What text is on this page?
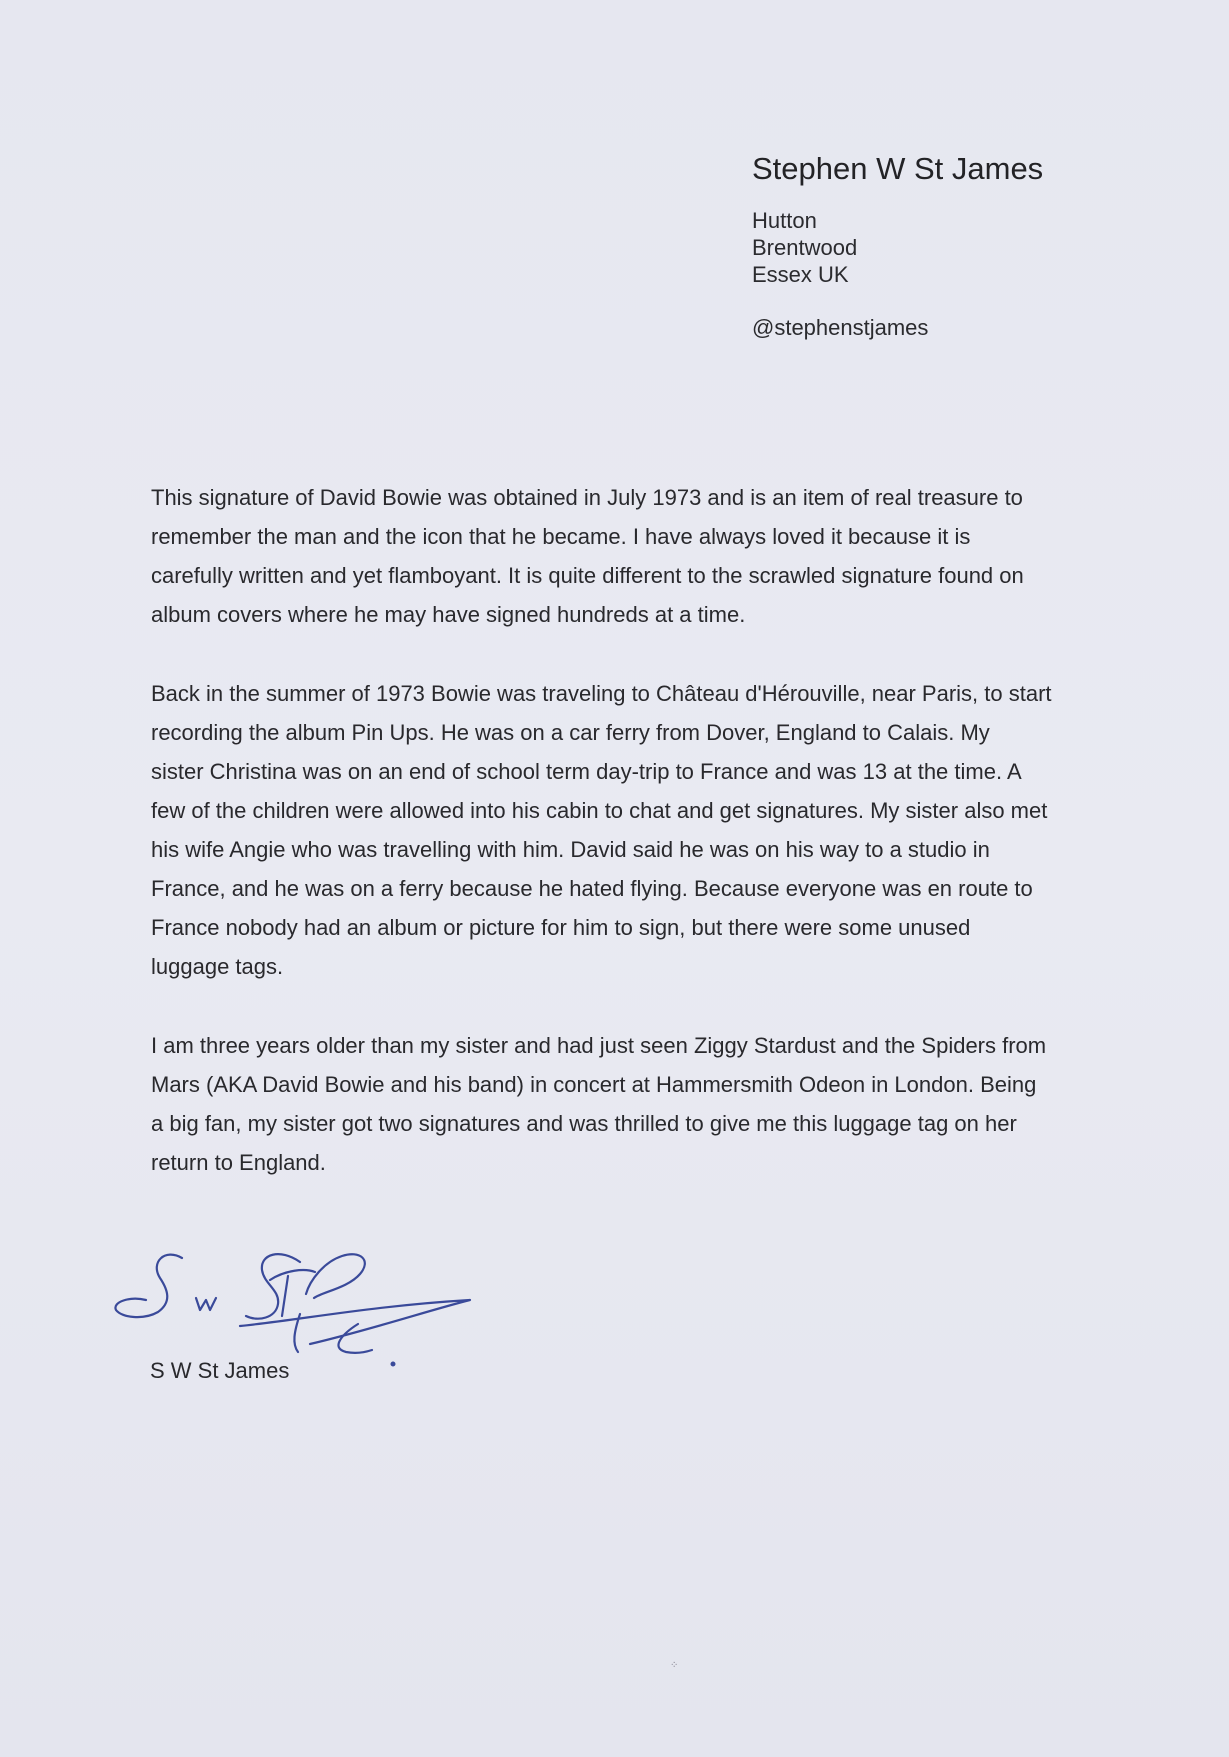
Stephen W St James
Hutton
Brentwood
Essex UK
@stephenstjames

This signature of David Bowie was obtained in July 1973 and is an item of real treasure to
remember the man and the icon that he became. I have always loved it because it is
carefully written and yet flamboyant. It is quite different to the scrawled signature found on
album covers where he may have signed hundreds at a time.

Back in the summer of 1973 Bowie was traveling to Château d'Hérouville, near Paris, to start
recording the album Pin Ups. He was on a car ferry from Dover, England to Calais. My
sister Christina was on an end of school term day-trip to France and was 13 at the time. A
few of the children were allowed into his cabin to chat and get signatures. My sister also met
his wife Angie who was travelling with him. David said he was on his way to a studio in
France, and he was on a ferry because he hated flying. Because everyone was en route to
France nobody had an album or picture for him to sign, but there were some unused
luggage tags.

I am three years older than my sister and had just seen Ziggy Stardust and the Spiders from
Mars (AKA David Bowie and his band) in concert at Hammersmith Odeon in London. Being
a big fan, my sister got two signatures and was thrilled to give me this luggage tag on her
return to England.

S W St James
⁘
